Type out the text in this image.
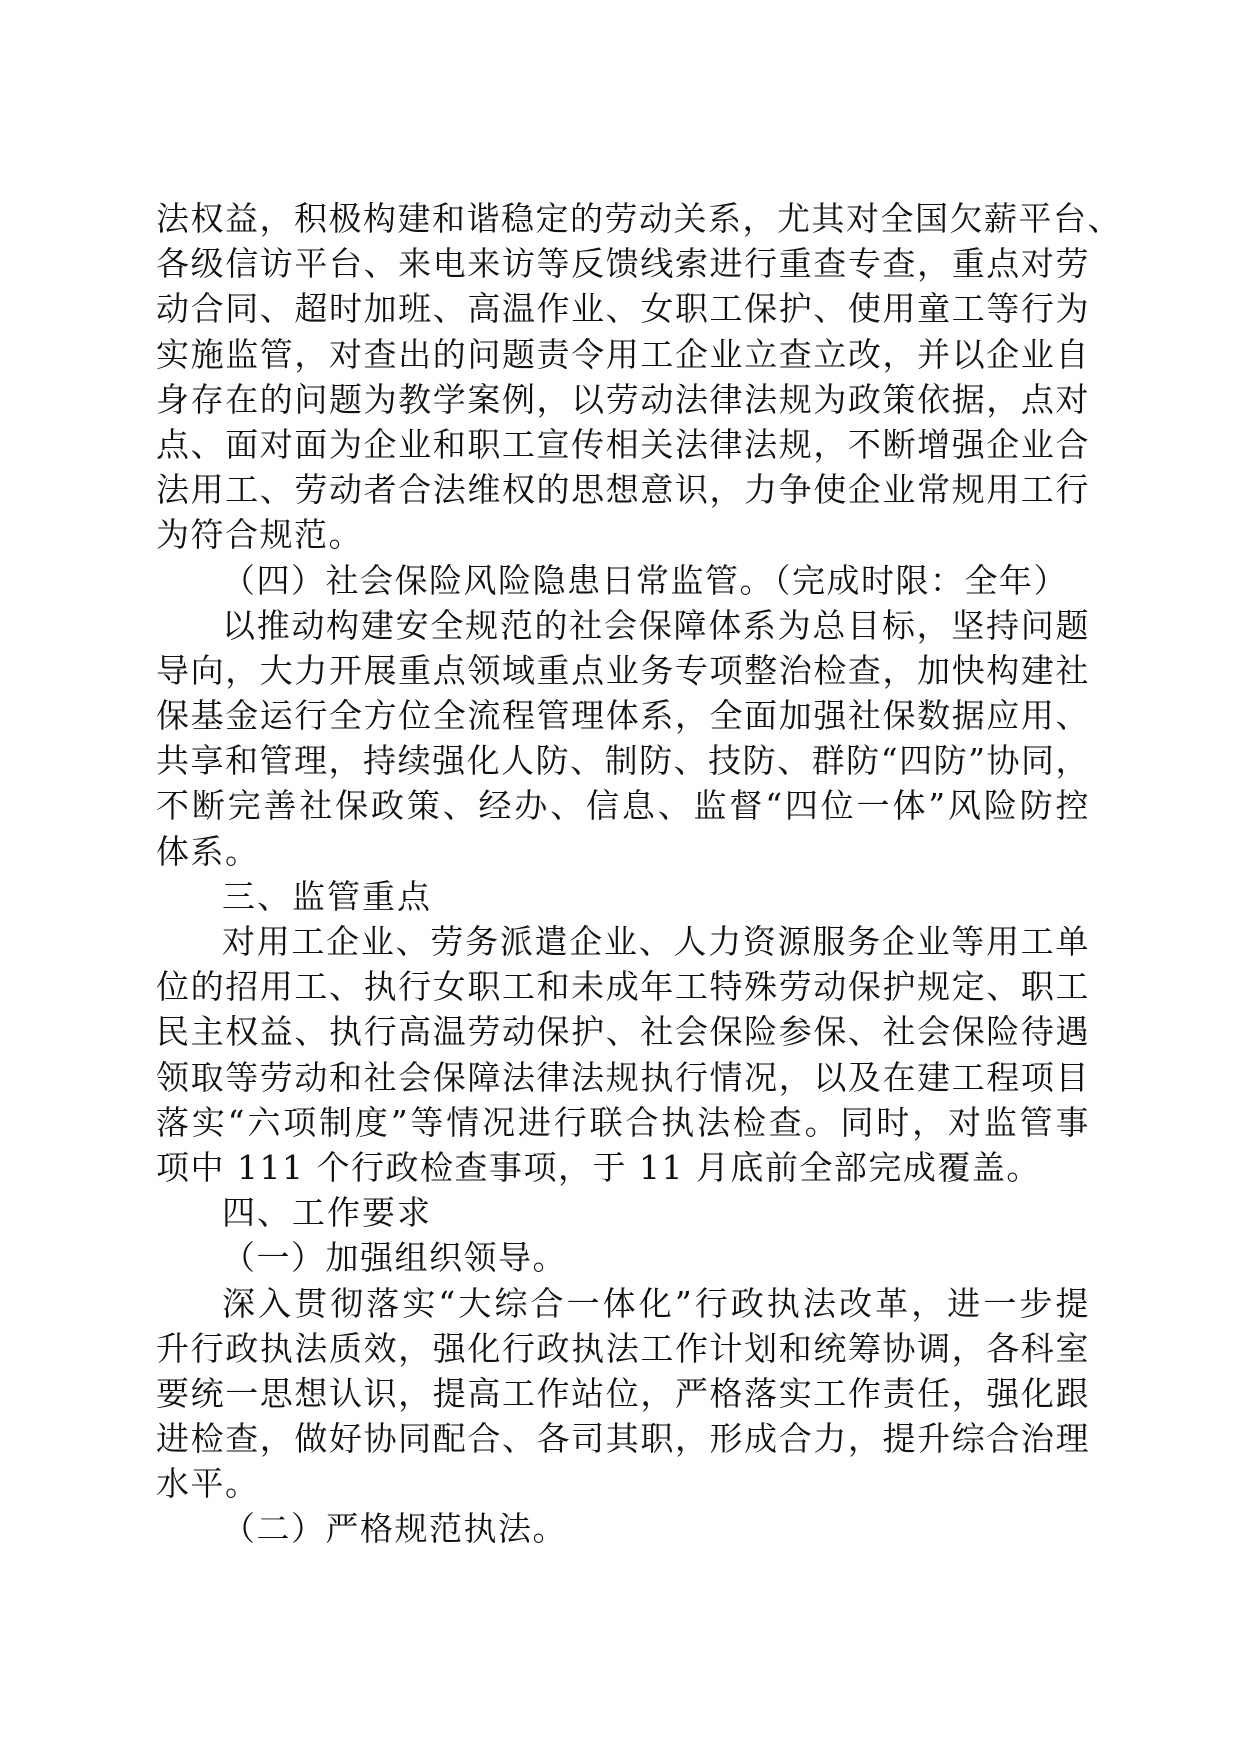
法权益，积极构建和谐稳定的劳动关系，尤其对全国欠薪平台、
各级信访平台、来电来访等反馈线索进行重查专查，重点对劳
动合同、超时加班、高温作业、女职工保护、使用童工等行为
实施监管，对查出的问题责令用工企业立查立改，并以企业自
身存在的问题为教学案例，以劳动法律法规为政策依据，点对
点、面对面为企业和职工宣传相关法律法规，不断增强企业合
法用工、劳动者合法维权的思想意识，力争使企业常规用工行
为符合规范。
（四）社会保险风险隐患日常监管。（完成时限：全年）
以推动构建安全规范的社会保障体系为总目标，坚持问题
导向，大力开展重点领域重点业务专项整治检查，加快构建社
保基金运行全方位全流程管理体系，全面加强社保数据应用、
共享和管理，持续强化人防、制防、技防、群防“四防”协同，
不断完善社保政策、经办、信息、监督“四位一体”风险防控
体系。
三、监管重点
对用工企业、劳务派遣企业、人力资源服务企业等用工单
位的招用工、执行女职工和未成年工特殊劳动保护规定、职工
民主权益、执行高温劳动保护、社会保险参保、社会保险待遇
领取等劳动和社会保障法律法规执行情况，以及在建工程项目
落实“六项制度”等情况进行联合执法检查。同时，对监管事
项中 111 个行政检查事项，于 11 月底前全部完成覆盖。
四、工作要求
（一）加强组织领导。
深入贯彻落实“大综合一体化”行政执法改革，进一步提
升行政执法质效，强化行政执法工作计划和统筹协调，各科室
要统一思想认识，提高工作站位，严格落实工作责任，强化跟
进检查，做好协同配合、各司其职，形成合力，提升综合治理
水平。
（二）严格规范执法。
